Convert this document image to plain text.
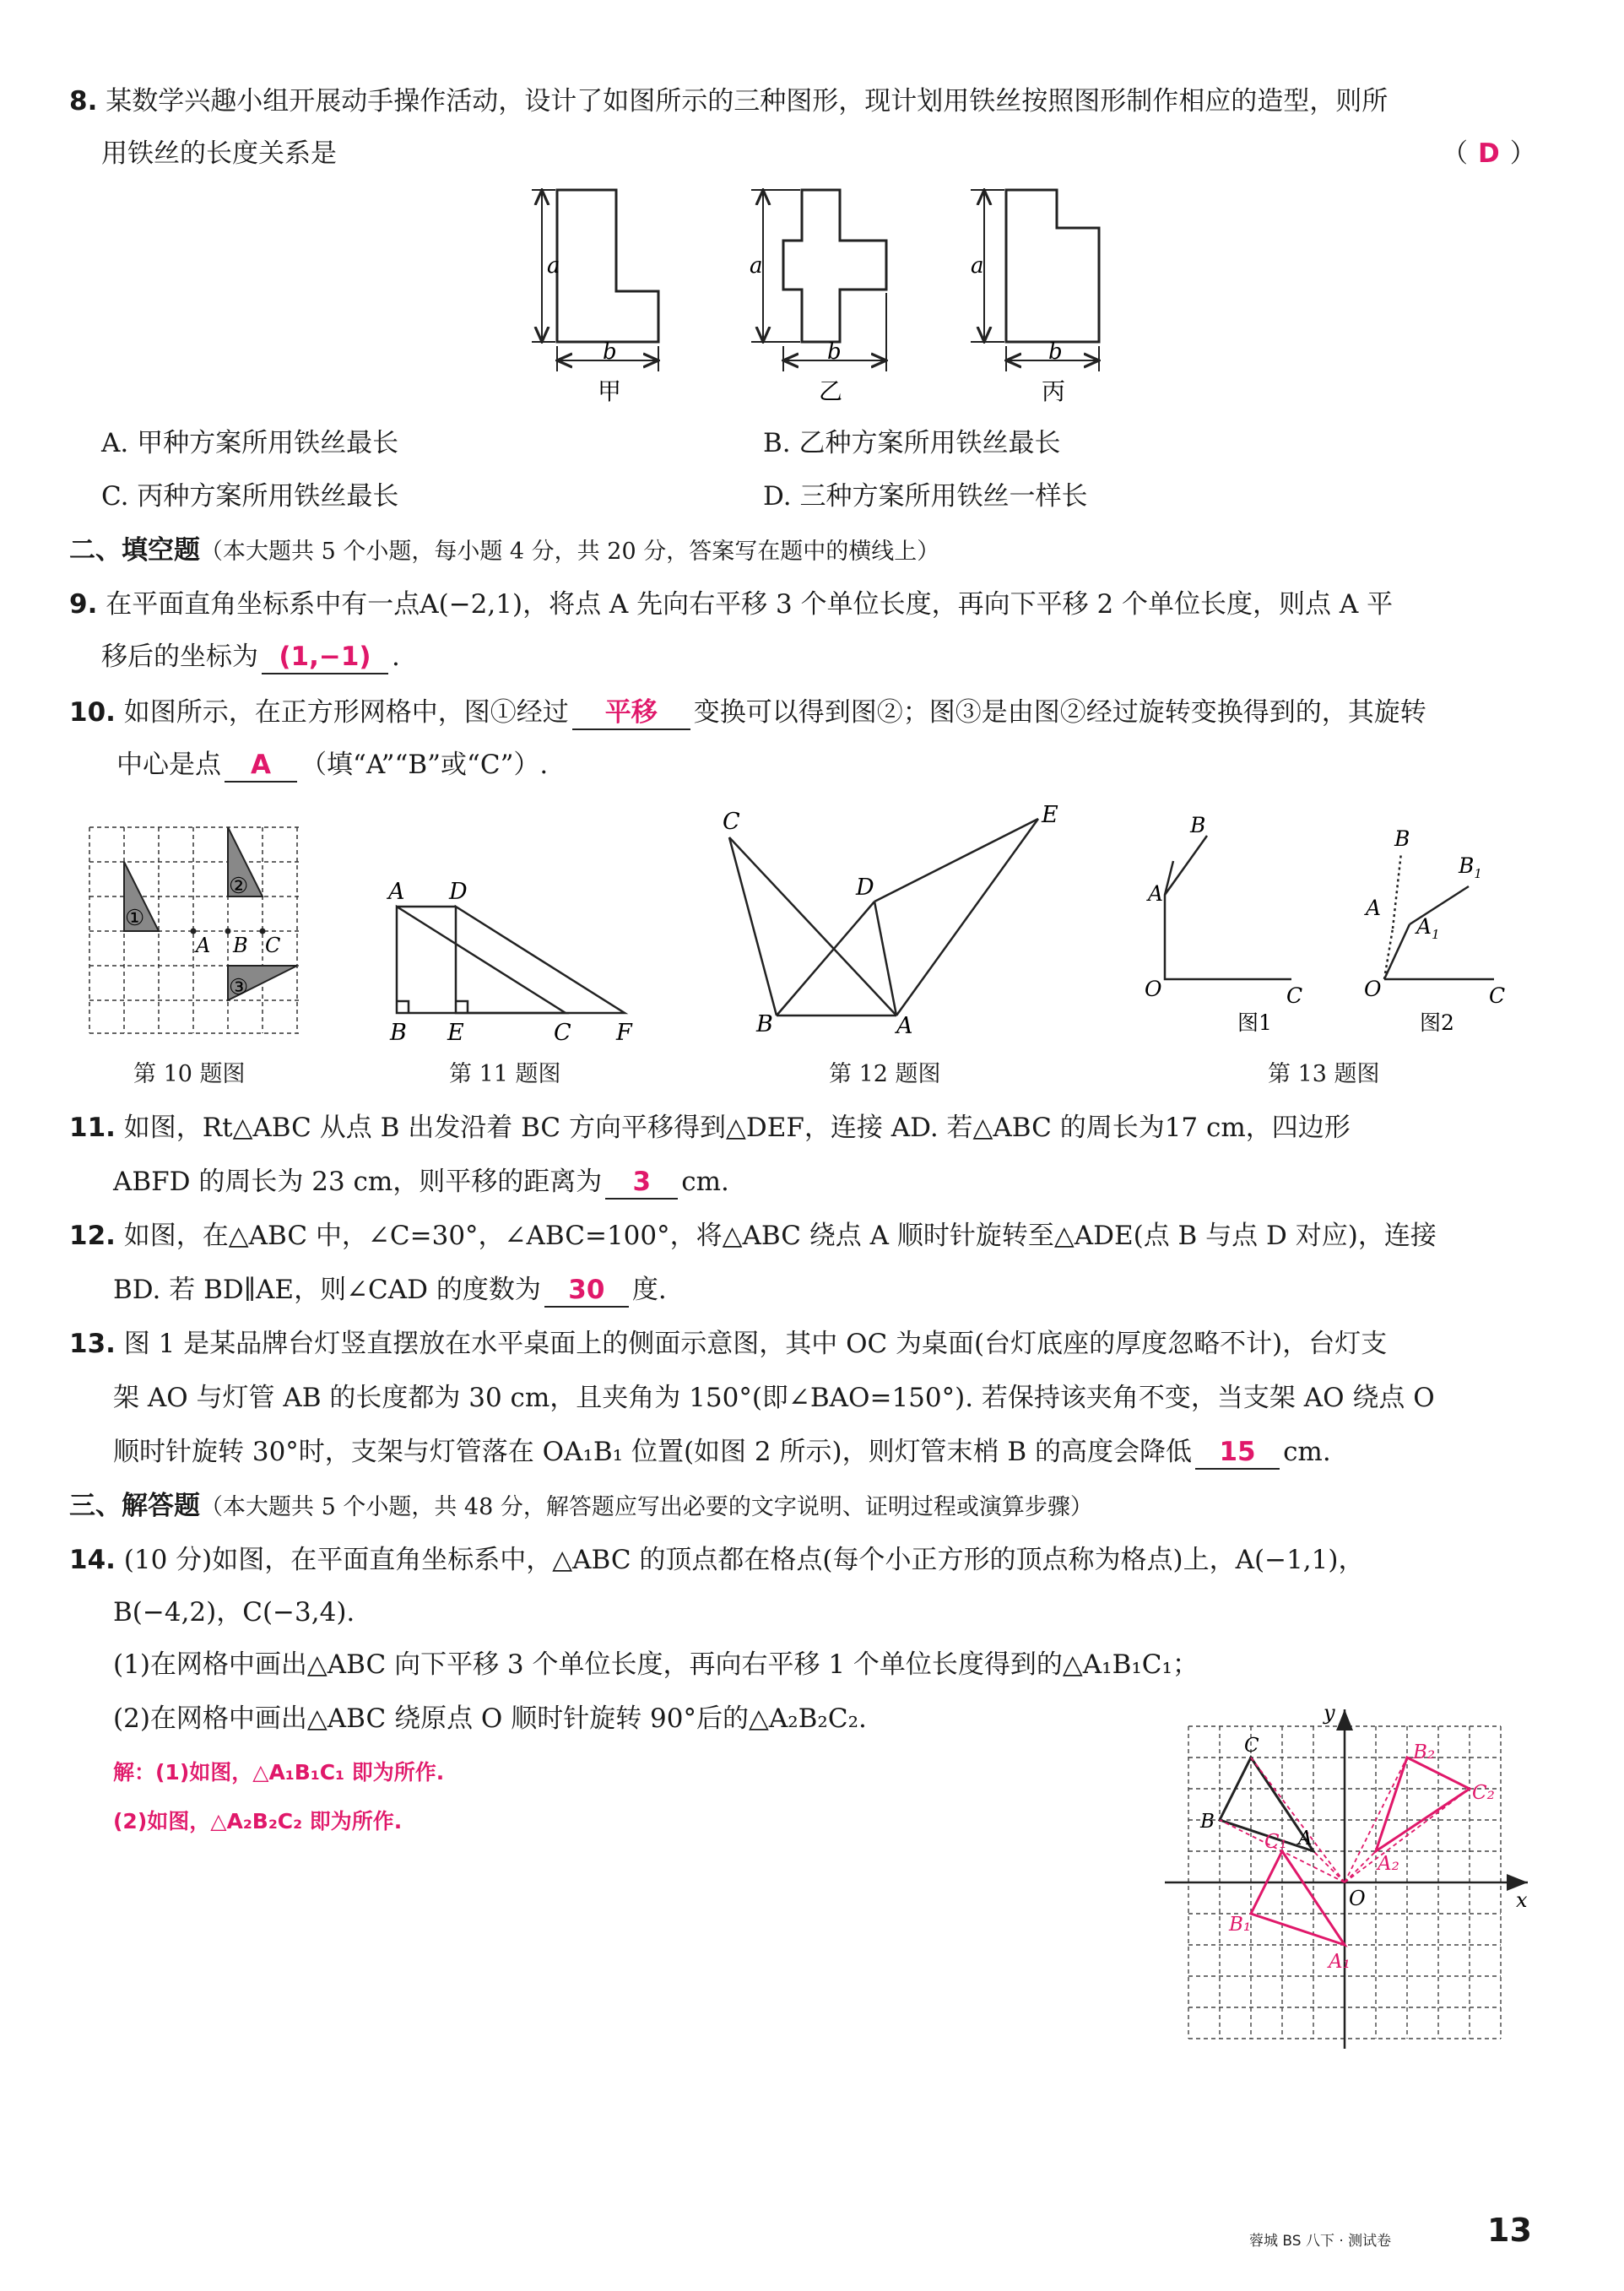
8. 某数学兴趣小组开展动手操作活动，设计了如图所示的三种图形，现计划用铁丝按照图形制作相应的造型，则所
用铁丝的长度关系是	（ D ）
a
b
甲
a
b
乙
a
b
丙
A. 甲种方案所用铁丝最长	B. 乙种方案所用铁丝最长
C. 丙种方案所用铁丝最长	D. 三种方案所用铁丝一样长
二、填空题（本大题共 5 个小题，每小题 4 分，共 20 分，答案写在题中的横线上）
9. 在平面直角坐标系中有一点A(−2,1)，将点 A 先向右平移 3 个单位长度，再向下平移 2 个单位长度，则点 A 平
移后的坐标为 (1,−1) .
10. 如图所示，在正方形网格中，图①经过 平移 变换可以得到图②；图③是由图②经过旋转变换得到的，其旋转
中心是点 A （填“A”“B”或“C”）.
①
②
③
A B C
第 10 题图
A D
B E	C F
第 11 题图
C	E
D
B	A
第 12 题图
B
A
O	C
图1
B
$B_1$
A
$A_1$
O	C
图2
第 13 题图
11. 如图，Rt△ABC 从点 B 出发沿着 BC 方向平移得到△DEF，连接 AD. 若△ABC 的周长为17 cm，四边形
ABFD 的周长为 23 cm，则平移的距离为 3 cm.
12. 如图，在△ABC 中，∠C=30°，∠ABC=100°，将△ABC 绕点 A 顺时针旋转至△ADE(点 B 与点 D 对应)，连接
BD. 若 BD∥AE，则∠CAD 的度数为 30 度.
13. 图 1 是某品牌台灯竖直摆放在水平桌面上的侧面示意图，其中 OC 为桌面(台灯底座的厚度忽略不计)，台灯支
架 AO 与灯管 AB 的长度都为 30 cm，且夹角为 150°(即∠BAO=150°). 若保持该夹角不变，当支架 AO 绕点 O
顺时针旋转 30°时，支架与灯管落在 OA₁B₁ 位置(如图 2 所示)，则灯管末梢 B 的高度会降低 15 cm.
三、解答题（本大题共 5 个小题，共 48 分，解答题应写出必要的文字说明、证明过程或演算步骤）
14. (10 分)如图，在平面直角坐标系中，△ABC 的顶点都在格点(每个小正方形的顶点称为格点)上，A(−1,1)，
B(−4,2)，C(−3,4).
(1)在网格中画出△ABC 向下平移 3 个单位长度，再向右平移 1 个单位长度得到的△A₁B₁C₁；
(2)在网格中画出△ABC 绕原点 O 顺时针旋转 90°后的△A₂B₂C₂.
解：(1)如图，△A₁B₁C₁ 即为所作.
(2)如图，△A₂B₂C₂ 即为所作.
x
y
O
A
B
C
A₁
B₁
C₁
A₂
B₂
C₂
蓉城 BS 八下 · 测试卷	13
